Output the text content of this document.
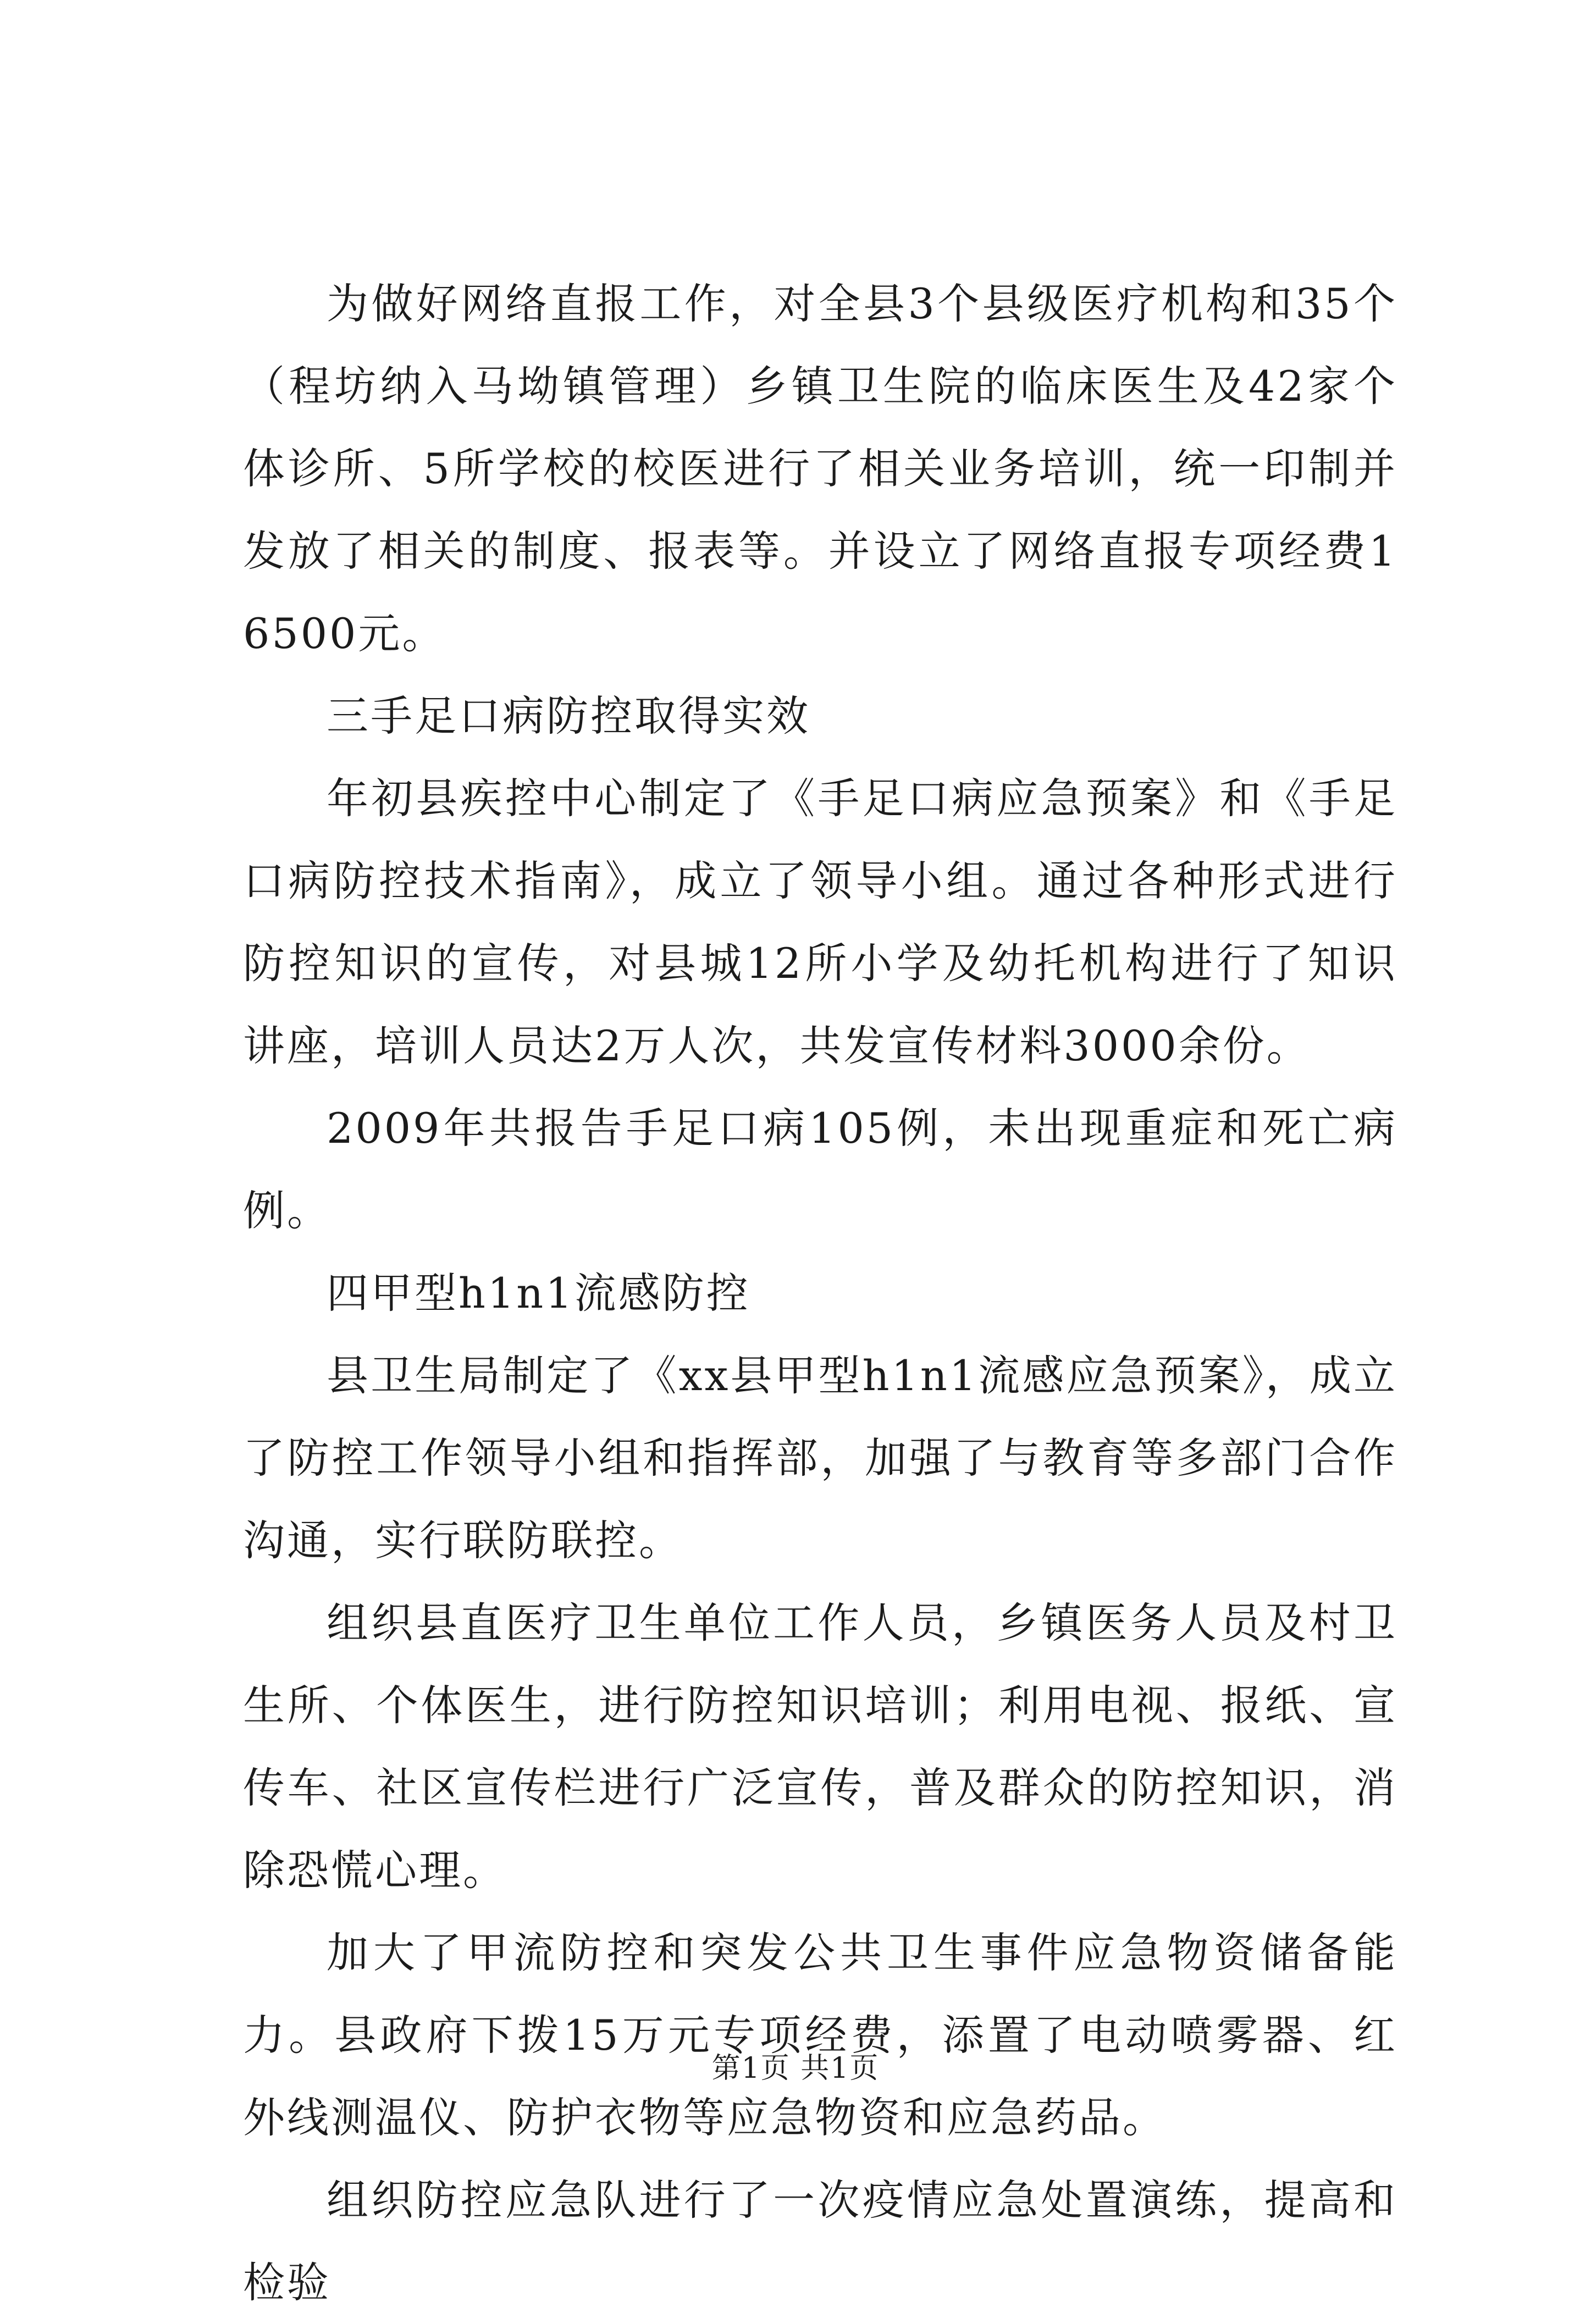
为做好网络直报工作，对全县3个县级医疗机构和35个（程坊纳入马坳镇管理）乡镇卫生院的临床医生及42家个体诊所、5所学校的校医进行了相关业务培训，统一印制并发放了相关的制度、报表等。并设立了网络直报专项经费16500元。

三手足口病防控取得实效

年初县疾控中心制定了《手足口病应急预案》和《手足口病防控技术指南》，成立了领导小组。通过各种形式进行防控知识的宣传，对县城12所小学及幼托机构进行了知识讲座，培训人员达2万人次，共发宣传材料3000余份。

2009年共报告手足口病105例，未出现重症和死亡病例。

四甲型h1n1流感防控

县卫生局制定了《xx县甲型h1n1流感应急预案》，成立了防控工作领导小组和指挥部，加强了与教育等多部门合作沟通，实行联防联控。

组织县直医疗卫生单位工作人员，乡镇医务人员及村卫生所、个体医生，进行防控知识培训；利用电视、报纸、宣传车、社区宣传栏进行广泛宣传，普及群众的防控知识，消除恐慌心理。

加大了甲流防控和突发公共卫生事件应急物资储备能力。县政府下拨15万元专项经费，添置了电动喷雾器、红外线测温仪、防护衣物等应急物资和应急药品。

组织防控应急队进行了一次疫情应急处置演练，提高和检验

第1页 共1页
